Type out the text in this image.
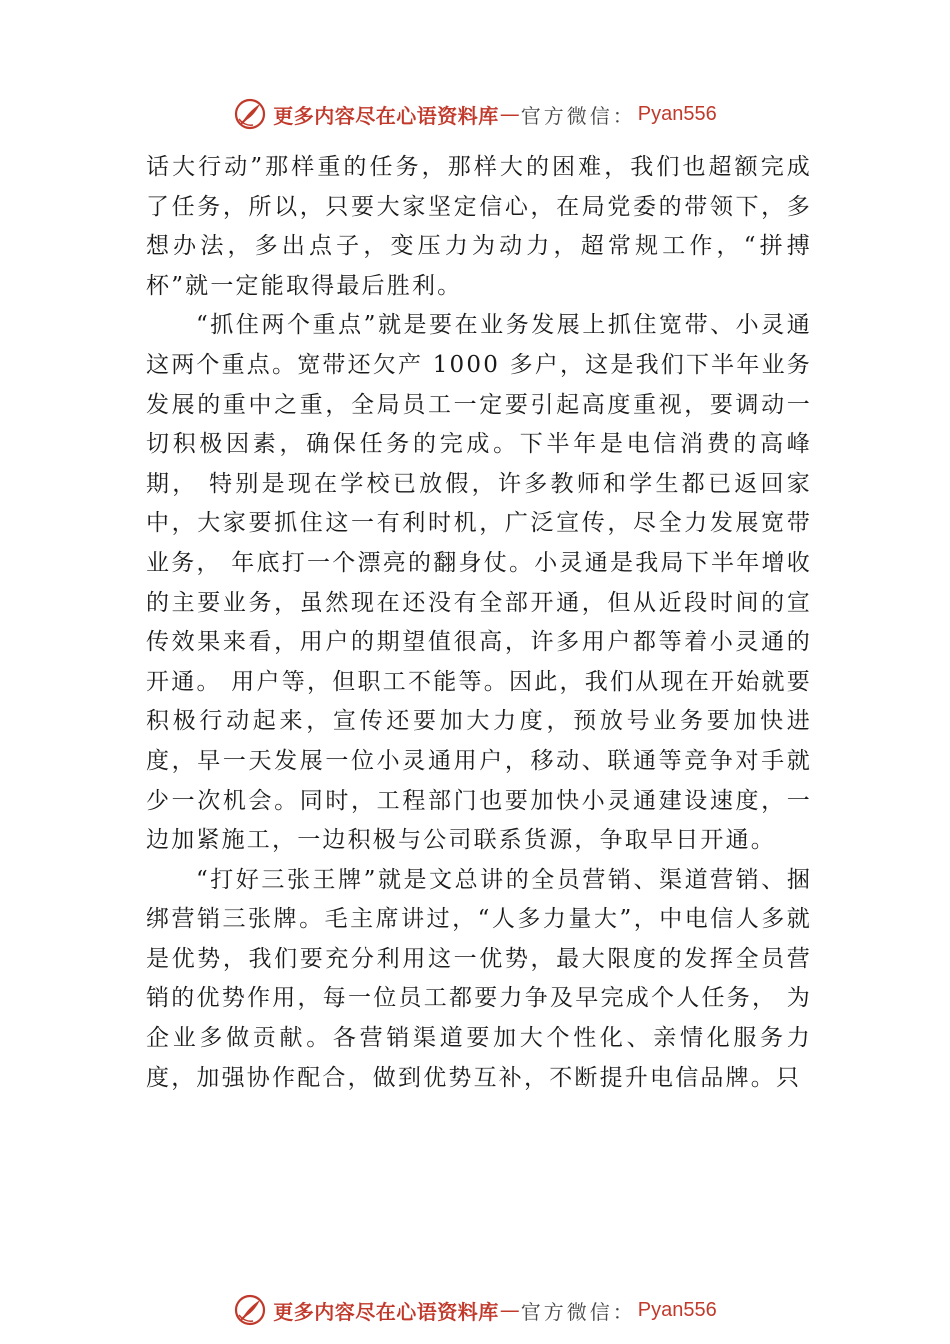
更多内容尽在心语资料库 — 官方微信： Pyan556

话大行动”那样重的任务，那样大的困难，我们也超额完成了任务，所以，只要大家坚定信心，在局党委的带领下，多想办法，多出点子，变压力为动力，超常规工作，“拼搏杯”就一定能取得最后胜利。

“抓住两个重点”就是要在业务发展上抓住宽带、小灵通这两个重点。宽带还欠产 1000 多户，这是我们下半年业务发展的重中之重，全局员工一定要引起高度重视，要调动一切积极因素，确保任务的完成。下半年是电信消费的高峰期， 特别是现在学校已放假，许多教师和学生都已返回家中，大家要抓住这一有利时机，广泛宣传，尽全力发展宽带业务， 年底打一个漂亮的翻身仗。小灵通是我局下半年增收的主要业务，虽然现在还没有全部开通，但从近段时间的宣传效果来看，用户的期望值很高，许多用户都等着小灵通的开通。 用户等，但职工不能等。因此，我们从现在开始就要积极行动起来，宣传还要加大力度，预放号业务要加快进度，早一天发展一位小灵通用户，移动、联通等竞争对手就少一次机会。同时，工程部门也要加快小灵通建设速度，一边加紧施工，一边积极与公司联系货源，争取早日开通。

“打好三张王牌”就是文总讲的全员营销、渠道营销、捆绑营销三张牌。毛主席讲过，“人多力量大”，中电信人多就是优势，我们要充分利用这一优势，最大限度的发挥全员营销的优势作用，每一位员工都要力争及早完成个人任务， 为企业多做贡献。各营销渠道要加大个性化、亲情化服务力度，加强协作配合，做到优势互补，不断提升电信品牌。只

更多内容尽在心语资料库 — 官方微信： Pyan556
